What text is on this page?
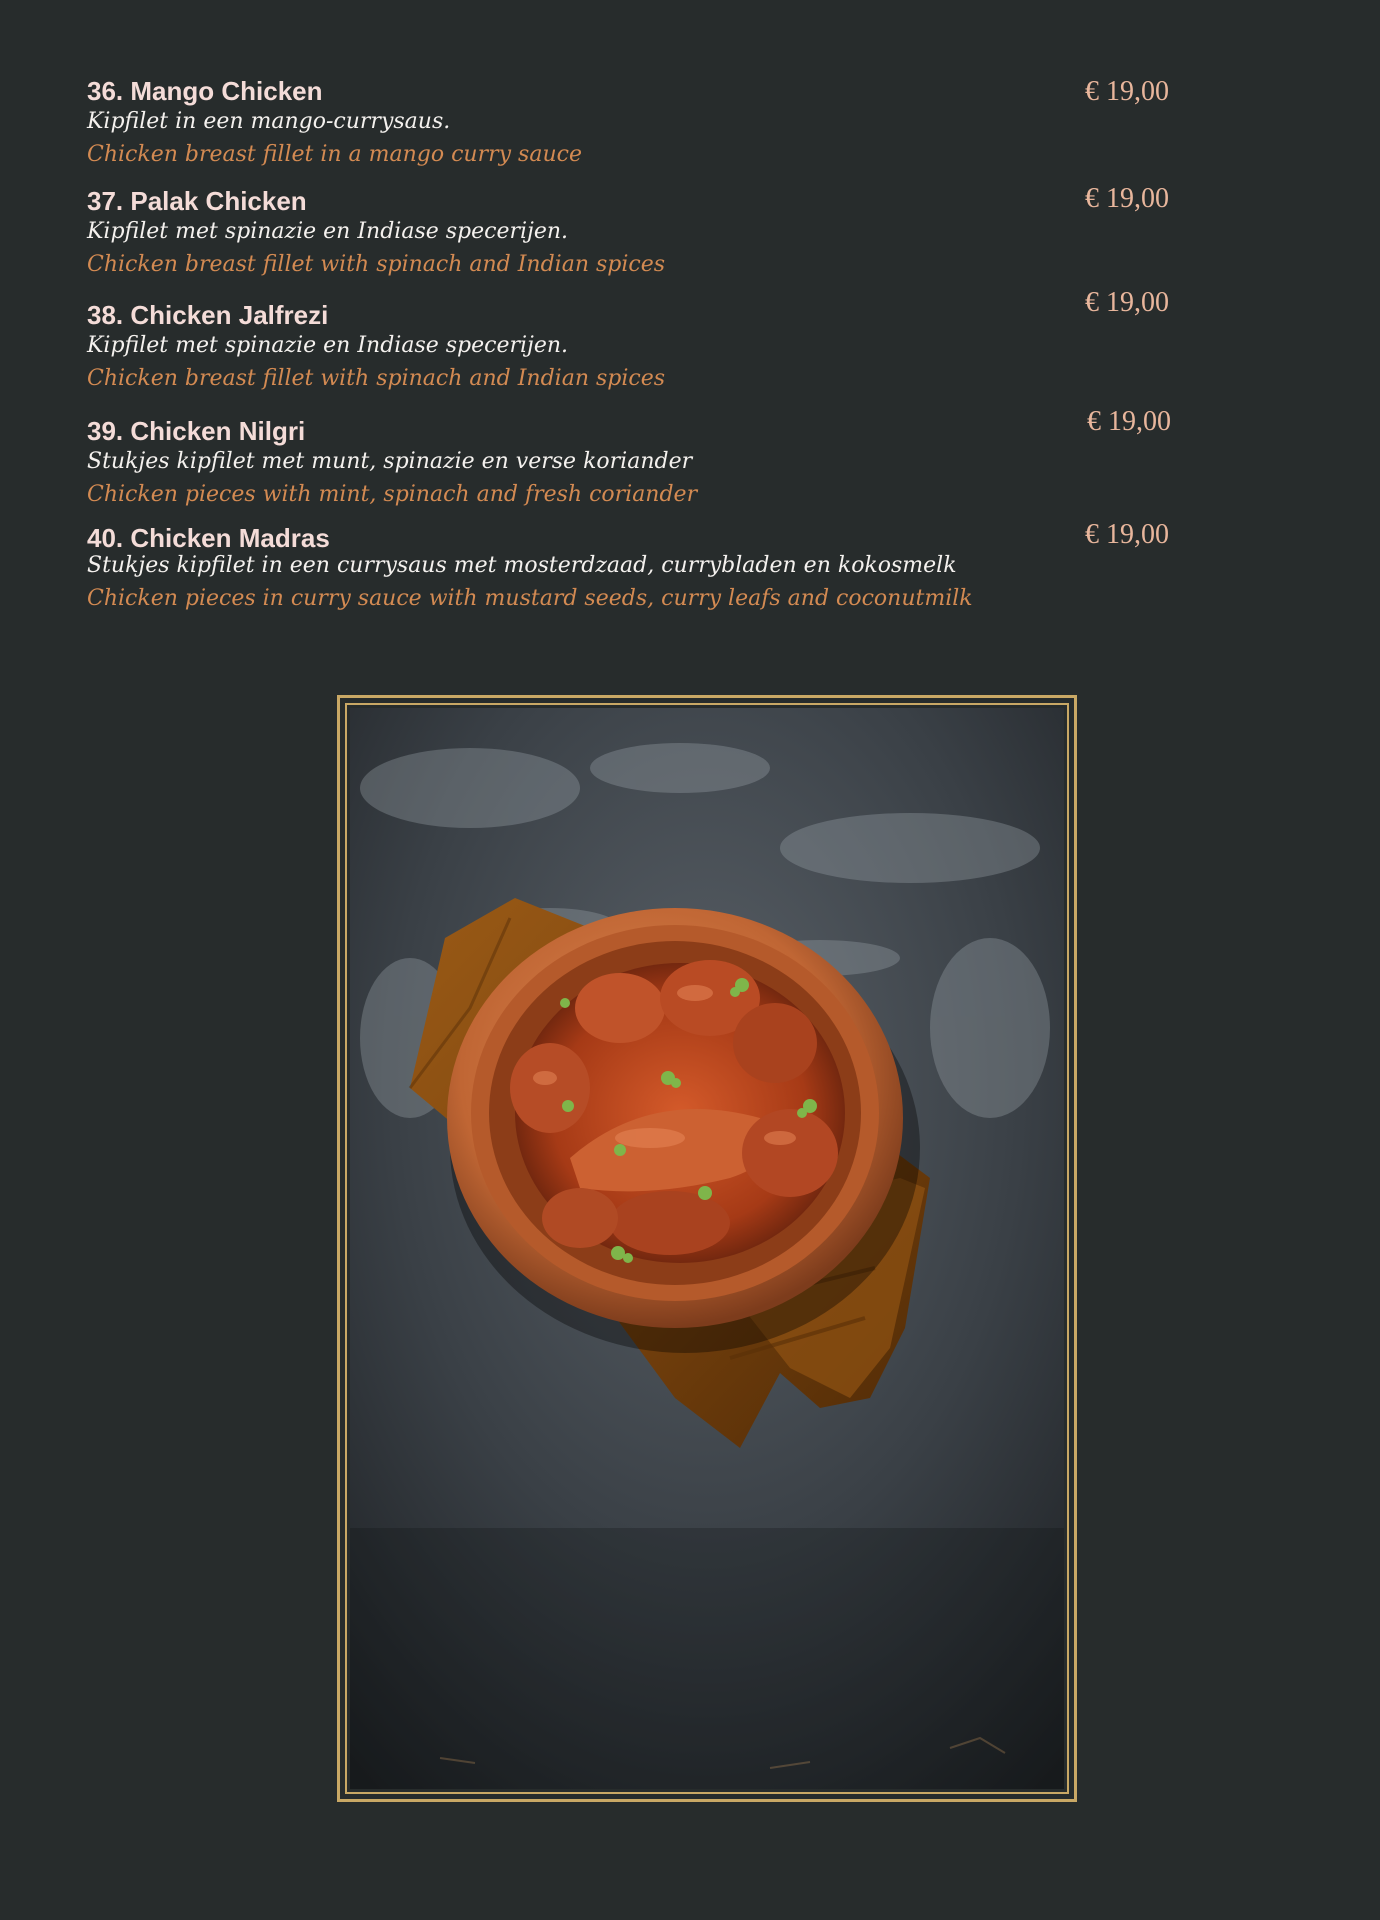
36. Mango Chicken
Kipfilet in een mango-currysaus.
Chicken breast fillet in a mango curry sauce
€ 19,00
37. Palak Chicken
Kipfilet met spinazie en Indiase specerijen.
Chicken breast fillet with spinach and Indian spices
€ 19,00
38. Chicken Jalfrezi
Kipfilet met spinazie en Indiase specerijen.
Chicken breast fillet with spinach and Indian spices
€ 19,00
39. Chicken Nilgri
Stukjes kipfilet met munt, spinazie en verse koriander
Chicken pieces with mint, spinach and fresh coriander
€ 19,00
40. Chicken Madras
Stukjes kipfilet in een currysaus met mosterdzaad, currybladen en kokosmelk
Chicken pieces in curry sauce with mustard seeds, curry leafs and coconutmilk
€ 19,00
